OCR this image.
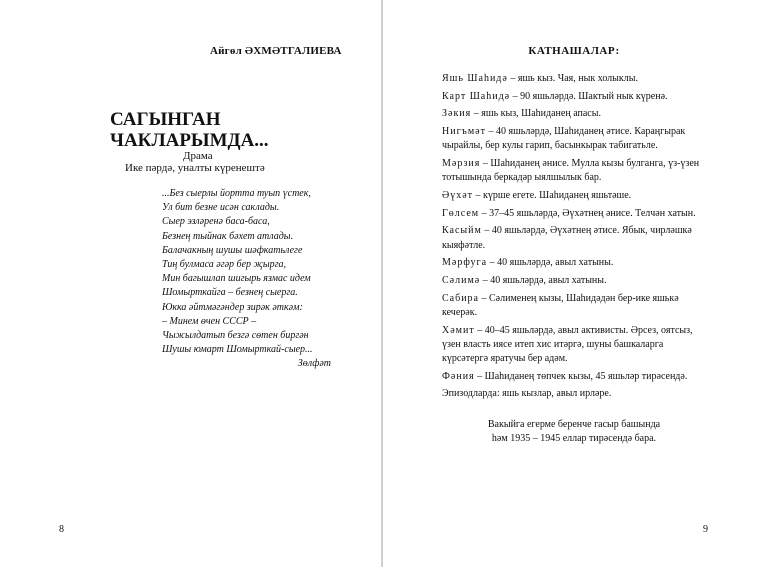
Айгөл ӘХМӘТГАЛИЕВА
САГЫНГАН
ЧАКЛАРЫМДА...
Драма
Ике пәрдә, уналты күренештә
...Без сыерлы йортта туып үстек,
Ул бит безне исән саклады.
Сыер эзләренә баса-баса,
Безнең тыйнак бәхет атлады.
Балачакның шушы шәфкатьлеге
Тиң булмаса әгәр бер җырга,
Мин багышлап шигырь язмас идем
Шомырткайга – безнең сыерга.
Юкка әйтмәгәндер зирәк әткәм:
– Минем өчен СССР –
Чыжылдатып безгә сөтен биргән
Шушы юмарт Шомырткай-сыер...
Зөлфәт
8
КАТНАШАЛАР:
Яшь Шаһидә – яшь кыз. Чая, нык холыклы.
Карт Шаһидә – 90 яшьләрдә. Шактый нык күренә.
Зәкия – яшь кыз, Шаһиданең апасы.
Нигъмәт – 40 яшьләрдә, Шаһиданең әтисе. Караңгырак чырайлы, бер кулы гарип, басынкырак табигатьле.
Мәрзия – Шаһиданең әнисе. Мулла кызы булганга, үз-үзен тотышында беркадәр ыялшылык бар.
Әүхәт – күрше егете. Шаһиданең яшьтәше.
Гөлсем – 37–45 яшьләрдә, Әүхәтнең әнисе. Телчән хатын.
Касыйм – 40 яшьләрдә, Әүхәтнең әтисе. Ябык, чирләшкә кыяфәтле.
Мәрфуга – 40 яшьләрдә, авыл хатыны.
Сәлимә – 40 яшьләрдә, авыл хатыны.
Сабира – Сәлименең кызы, Шаһидәдән бер-ике яшькә кечерәк.
Хәмит – 40–45 яшьләрдә, авыл активисты. Әрсез, оятсыз, үзен власть иясе итеп хис итәргә, шуны башкаларга күрсәтергә яратучы бер адәм.
Фәния – Шаһиданең төпчек кызы, 45 яшьләр тирәсендә.
Эпизодларда: яшь кызлар, авыл ирләре.
Вакыйга егерме беренче гасыр башында
һәм 1935 – 1945 еллар тирәсендә бара.
9
